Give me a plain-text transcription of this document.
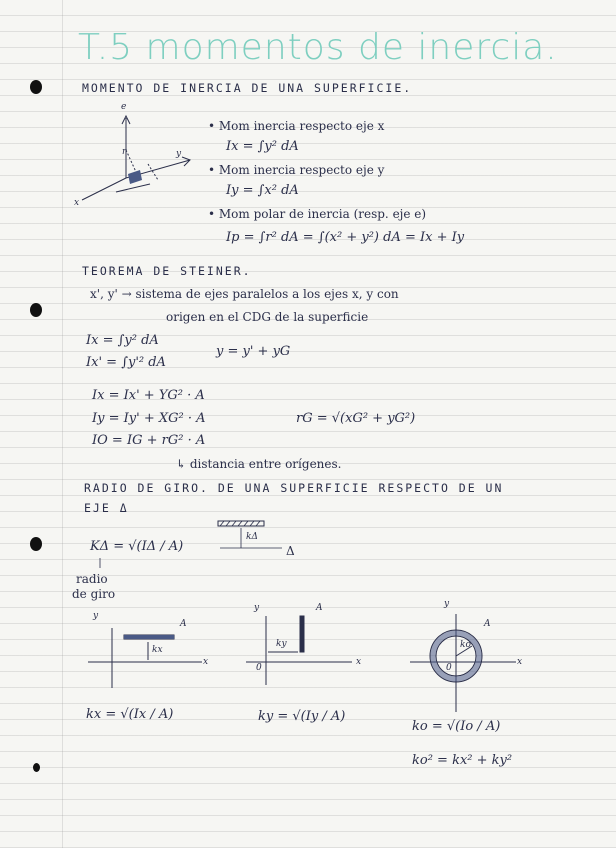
T.5 momentos de inercia.
MOMENTO DE INERCIA DE UNA SUPERFICIE.
e
r	y
x
• Mom inercia respecto eje x
Ix = ∫y² dA
• Mom inercia respecto eje y
Iy = ∫x² dA
• Mom polar de inercia (resp. eje e)
Ip = ∫r² dA = ∫(x² + y²) dA = Ix + Iy
TEOREMA DE STEINER.
x', y' → sistema de ejes paralelos a los ejes x, y con
origen en el CDG de la superficie
Ix = ∫y² dA
Ix' = ∫y'² dA
y = y' + yG
Ix = Ix' + YG² · A
Iy = Iy' + XG² · A
IO = IG + rG² · A
rG = √(xG² + yG²)
↳ distancia entre orígenes.
RADIO DE GIRO. DE UNA SUPERFICIE RESPECTO DE UN
EJE Δ
KΔ = √(IΔ / A)
kΔ
Δ
radio
de giro
y
x
A
kx
kx = √(Ix / A)
y
x
A
ky
0
ky = √(Iy / A)
y
x
A
ko
0
ko = √(Io / A)
ko² = kx² + ky²
